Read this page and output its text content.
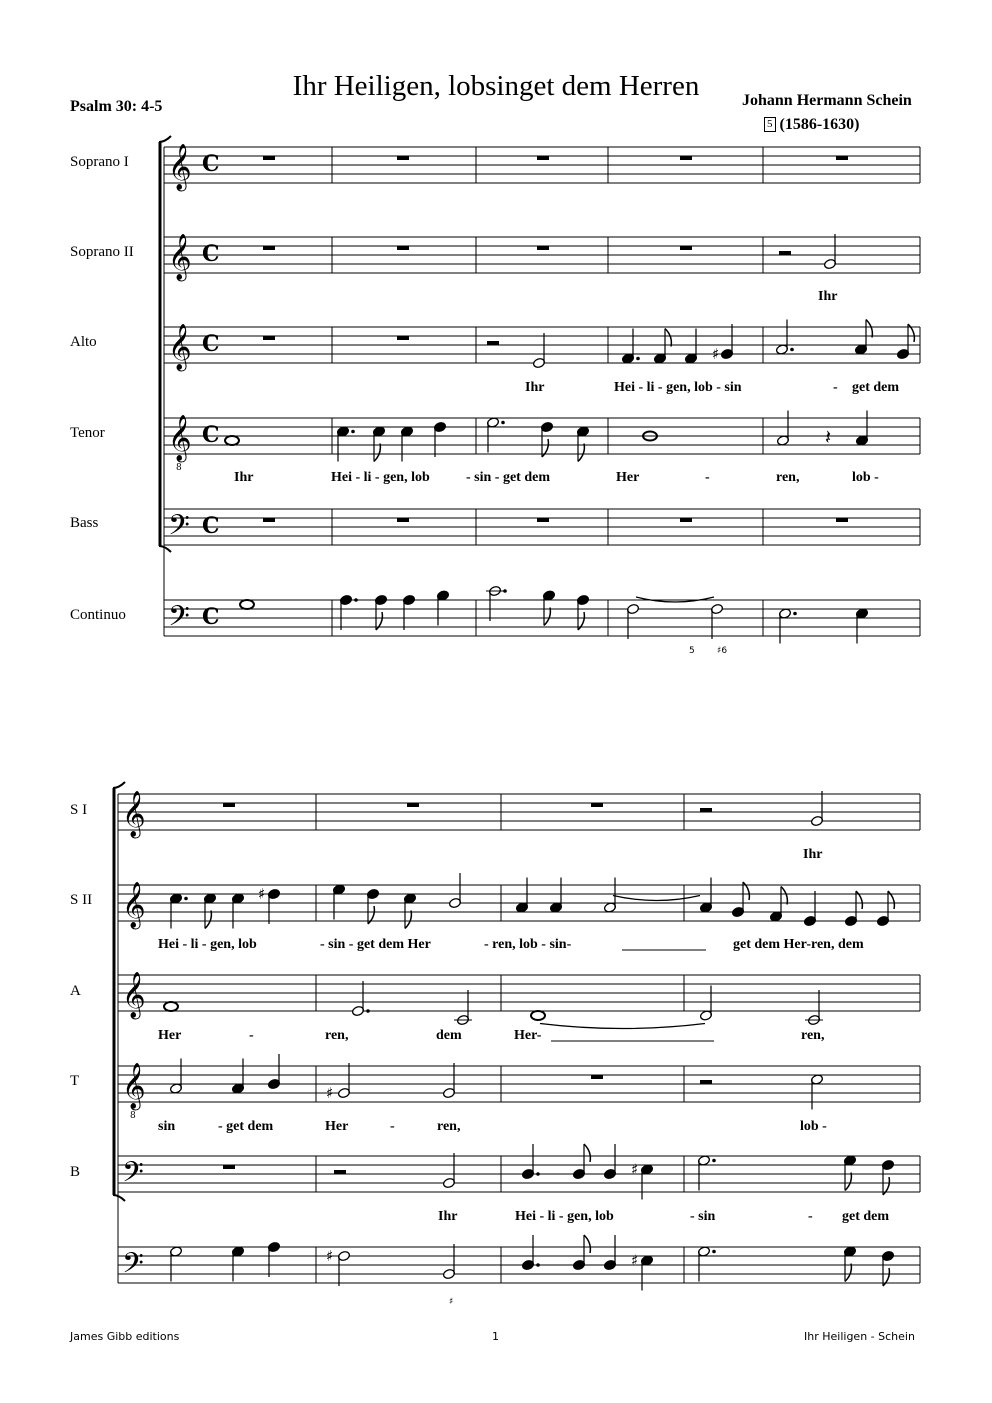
Ihr Heiligen, lobsinget dem Herren
Psalm 30: 4-5	Johann Hermann Schein
5 (1586-1630)
Soprano I
Soprano II
Alto
Tenor
Bass
Continuo
S I
S II
A
T
B
𝄞 C
𝄞 C
𝄞 C
𝄞
8
C
𝄢 C
𝄢 C
𝄞
𝄞
𝄞
𝄞
8
𝄢
𝄢
♯
𝄽
♯
♯
♯
♯	♯
Ihr
Ihr	Hei - li - gen, lob - sin	- get dem
Ihr	Hei - li - gen, lob	- sin - get dem	Her	-	ren,	lob -
5 ♯6
Ihr
Hei - li - gen, lob	- sin - get dem Her	- ren, lob - sin-	get dem Her-ren, dem
Her	-	ren,	dem	Her-	ren,
sin	- get dem	Her	-	ren,	lob -
Ihr	Hei - li - gen, lob	- sin	- get dem
♯
James Gibb editions	1	Ihr Heiligen - Schein
